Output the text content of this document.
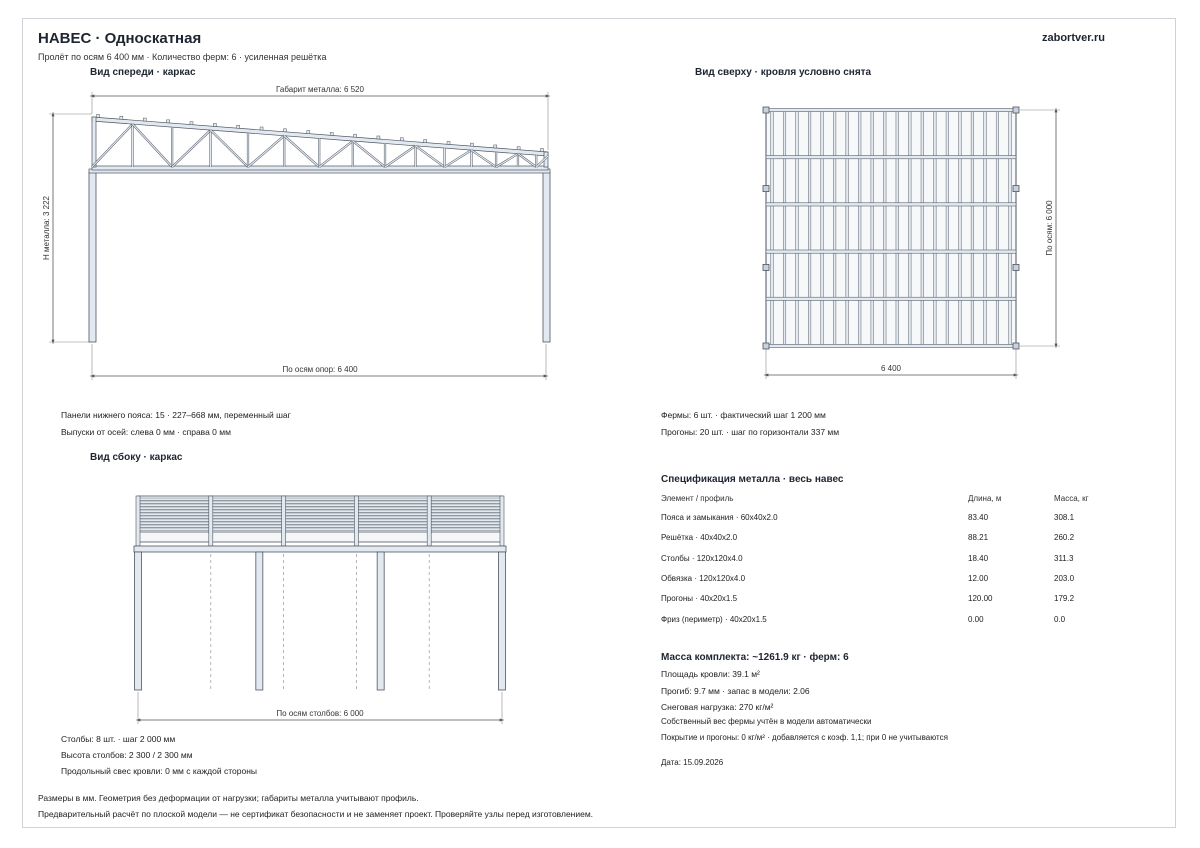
НАВЕС · Односкатная
Пролёт по осям 6 400 мм · Количество ферм: 6 · усиленная решётка
zabortver.ru
Вид спереди · каркас
Габарит металла: 6 520
Н металла: 3 222
По осям опор: 6 400
Панели нижнего пояса: 15 · 227–668 мм, переменный шаг
Выпуски от осей: слева 0 мм · справа 0 мм
Вид сверху · кровля условно снята
По осям: 6 000
6 400
Фермы: 6 шт. · фактический шаг 1 200 мм
Прогоны: 20 шт. · шаг по горизонтали 337 мм
Вид сбоку · каркас
По осям столбов: 6 000
Столбы: 8 шт. · шаг 2 000 мм
Высота столбов: 2 300 / 2 300 мм
Продольный свес кровли: 0 мм с каждой стороны
Спецификация металла · весь навес
Элемент / профиль	Длина, м	Масса, кг
Пояса и замыкания · 60x40x2.0	83.40	308.1
Решётка · 40x40x2.0	88.21	260.2
Столбы · 120x120x4.0	18.40	311.3
Обвязка · 120x120x4.0	12.00	203.0
Прогоны · 40x20x1.5	120.00	179.2
Фриз (периметр) · 40x20x1.5	0.00	0.0
Масса комплекта: ~1261.9 кг · ферм: 6
Площадь кровли: 39.1 м²
Прогиб: 9.7 мм · запас в модели: 2.06
Снеговая нагрузка: 270 кг/м²
Собственный вес фермы учтён в модели автоматически
Покрытие и прогоны: 0 кг/м² · добавляется с коэф. 1,1; при 0 не учитываются
Дата: 15.09.2026
Размеры в мм. Геометрия без деформации от нагрузки; габариты металла учитывают профиль.
Предварительный расчёт по плоской модели — не сертификат безопасности и не заменяет проект. Проверяйте узлы перед изготовлением.
